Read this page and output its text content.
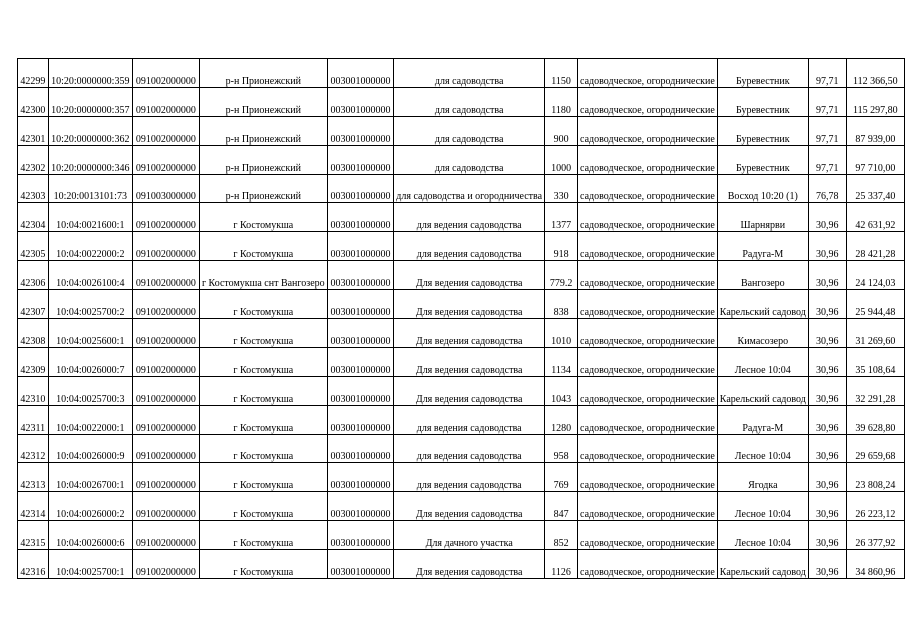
42299	10:20:0000000:359	091002000000	р-н Прионежский	003001000000	для садоводства	1150	садоводческое, огороднические	Буревестник	97,71	112 366,50
42300	10:20:0000000:357	091002000000	р-н Прионежский	003001000000	для садоводства	1180	садоводческое, огороднические	Буревестник	97,71	115 297,80
42301	10:20:0000000:362	091002000000	р-н Прионежский	003001000000	для садоводства	900	садоводческое, огороднические	Буревестник	97,71	87 939,00
42302	10:20:0000000:346	091002000000	р-н Прионежский	003001000000	для садоводства	1000	садоводческое, огороднические	Буревестник	97,71	97 710,00
42303	10:20:0013101:73	091003000000	р-н Прионежский	003001000000	для садоводства и огородничества	330	садоводческое, огороднические	Восход 10:20 (1)	76,78	25 337,40
42304	10:04:0021600:1	091002000000	г Костомукша	003001000000	для ведения садоводства	1377	садоводческое, огороднические	Шарнярви	30,96	42 631,92
42305	10:04:0022000:2	091002000000	г Костомукша	003001000000	для ведения садоводства	918	садоводческое, огороднические	Радуга-М	30,96	28 421,28
42306	10:04:0026100:4	091002000000	г Костомукша снт Вангозеро	003001000000	Для ведения садоводства	779.2	садоводческое, огороднические	Вангозеро	30,96	24 124,03
42307	10:04:0025700:2	091002000000	г Костомукша	003001000000	Для ведения садоводства	838	садоводческое, огороднические	Карельский садовод	30,96	25 944,48
42308	10:04:0025600:1	091002000000	г Костомукша	003001000000	Для ведения садоводства	1010	садоводческое, огороднические	Кимасозеро	30,96	31 269,60
42309	10:04:0026000:7	091002000000	г Костомукша	003001000000	Для ведения садоводства	1134	садоводческое, огороднические	Лесное 10:04	30,96	35 108,64
42310	10:04:0025700:3	091002000000	г Костомукша	003001000000	Для ведения садоводства	1043	садоводческое, огороднические	Карельский садовод	30,96	32 291,28
42311	10:04:0022000:1	091002000000	г Костомукша	003001000000	для ведения садоводства	1280	садоводческое, огороднические	Радуга-М	30,96	39 628,80
42312	10:04:0026000:9	091002000000	г Костомукша	003001000000	для ведения садоводства	958	садоводческое, огороднические	Лесное 10:04	30,96	29 659,68
42313	10:04:0026700:1	091002000000	г Костомукша	003001000000	для ведения садоводства	769	садоводческое, огороднические	Ягодка	30,96	23 808,24
42314	10:04:0026000:2	091002000000	г Костомукша	003001000000	Для ведения садоводства	847	садоводческое, огороднические	Лесное 10:04	30,96	26 223,12
42315	10:04:0026000:6	091002000000	г Костомукша	003001000000	Для дачного участка	852	садоводческое, огороднические	Лесное 10:04	30,96	26 377,92
42316	10:04:0025700:1	091002000000	г Костомукша	003001000000	Для ведения садоводства	1126	садоводческое, огороднические	Карельский садовод	30,96	34 860,96
